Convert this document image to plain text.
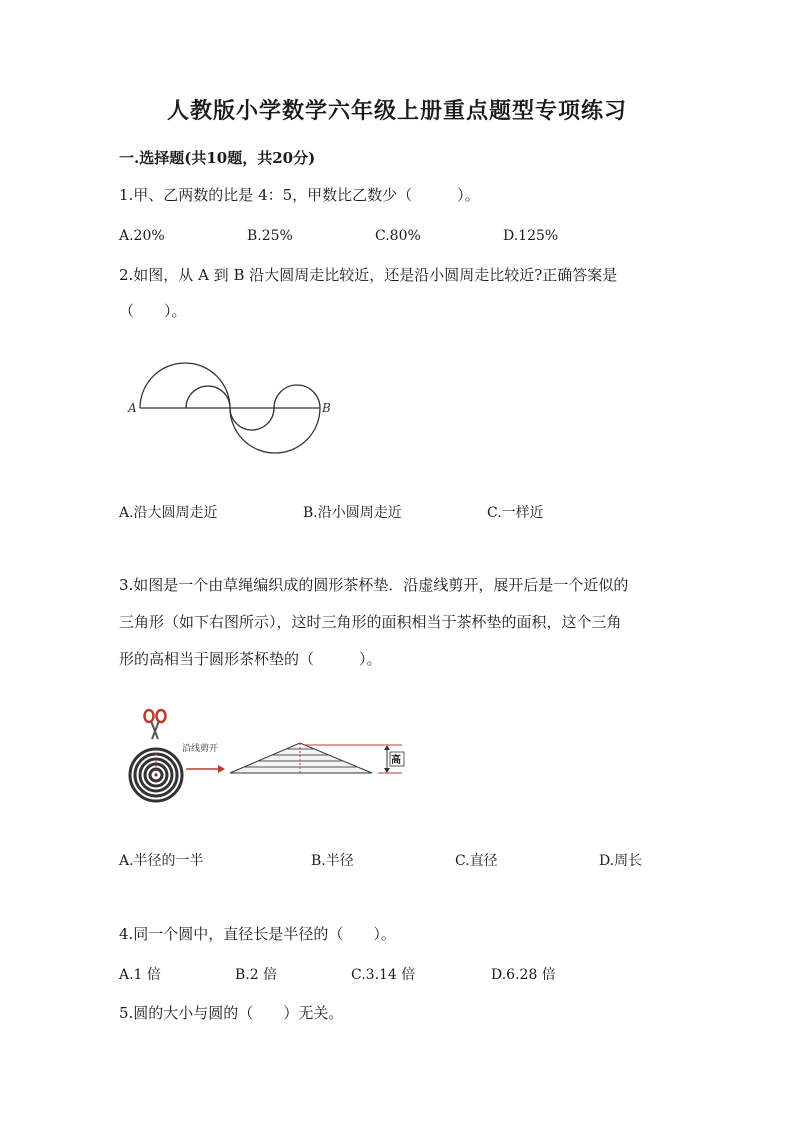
人教版小学数学六年级上册重点题型专项练习
一.选择题(共10题，共20分)
1.甲、乙两数的比是 4：5，甲数比乙数少（　　　）。
A.20%	B.25%	C.80%	D.125%
2.如图，从 A 到 B 沿大圆周走比较近，还是沿小圆周走比较近?正确答案是
（　　）。
A	B
A.沿大圆周走近	B.沿小圆周走近	C.一样近
3.如图是一个由草绳编织成的圆形茶杯垫．沿虚线剪开，展开后是一个近似的
三角形（如下右图所示），这时三角形的面积相当于茶杯垫的面积，这个三角
形的高相当于圆形茶杯垫的（　　　）。
沿线剪开
高
A.半径的一半	B.半径	C.直径	D.周长
4.同一个圆中，直径长是半径的（　　）。
A.1 倍	B.2 倍	C.3.14 倍	D.6.28 倍
5.圆的大小与圆的（　　）无关。
